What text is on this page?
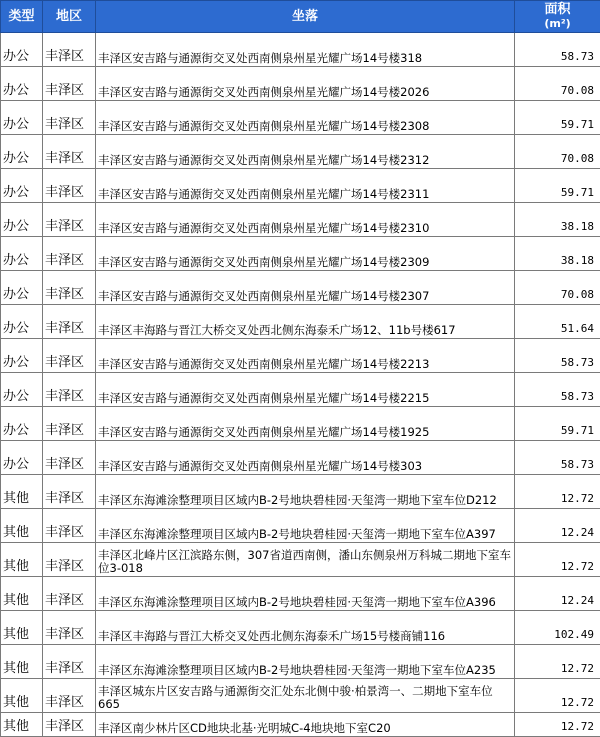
类型	地区	坐落	面积
(m²)

办公	丰泽区	丰泽区安吉路与通源街交叉处西南侧泉州星光耀广场14号楼318	58.73
办公	丰泽区	丰泽区安吉路与通源街交叉处西南侧泉州星光耀广场14号楼2026	70.08
办公	丰泽区	丰泽区安吉路与通源街交叉处西南侧泉州星光耀广场14号楼2308	59.71
办公	丰泽区	丰泽区安吉路与通源街交叉处西南侧泉州星光耀广场14号楼2312	70.08
办公	丰泽区	丰泽区安吉路与通源街交叉处西南侧泉州星光耀广场14号楼2311	59.71
办公	丰泽区	丰泽区安吉路与通源街交叉处西南侧泉州星光耀广场14号楼2310	38.18
办公	丰泽区	丰泽区安吉路与通源街交叉处西南侧泉州星光耀广场14号楼2309	38.18
办公	丰泽区	丰泽区安吉路与通源街交叉处西南侧泉州星光耀广场14号楼2307	70.08
办公	丰泽区	丰泽区丰海路与晋江大桥交叉处西北侧东海泰禾广场12、11b号楼617	51.64
办公	丰泽区	丰泽区安吉路与通源街交叉处西南侧泉州星光耀广场14号楼2213	58.73
办公	丰泽区	丰泽区安吉路与通源街交叉处西南侧泉州星光耀广场14号楼2215	58.73
办公	丰泽区	丰泽区安吉路与通源街交叉处西南侧泉州星光耀广场14号楼1925	59.71
办公	丰泽区	丰泽区安吉路与通源街交叉处西南侧泉州星光耀广场14号楼303	58.73
其他	丰泽区	丰泽区东海滩涂整理项目区域内B-2号地块碧桂园·天玺湾一期地下室车位D212	12.72
其他	丰泽区	丰泽区东海滩涂整理项目区域内B-2号地块碧桂园·天玺湾一期地下室车位A397	12.24
其他	丰泽区	丰泽区北峰片区江滨路东侧，307省道西南侧，潘山东侧泉州万科城二期地下室车位3-018	12.72
其他	丰泽区	丰泽区东海滩涂整理项目区域内B-2号地块碧桂园·天玺湾一期地下室车位A396	12.24
其他	丰泽区	丰泽区丰海路与晋江大桥交叉处西北侧东海泰禾广场15号楼商铺116	102.49
其他	丰泽区	丰泽区东海滩涂整理项目区域内B-2号地块碧桂园·天玺湾一期地下室车位A235	12.72
其他	丰泽区	丰泽区城东片区安吉路与通源街交汇处东北侧中骏·柏景湾一、二期地下室车位665	12.72
其他	丰泽区	丰泽区南少林片区CD地块北基·光明城C-4地块地下室C20	12.72
